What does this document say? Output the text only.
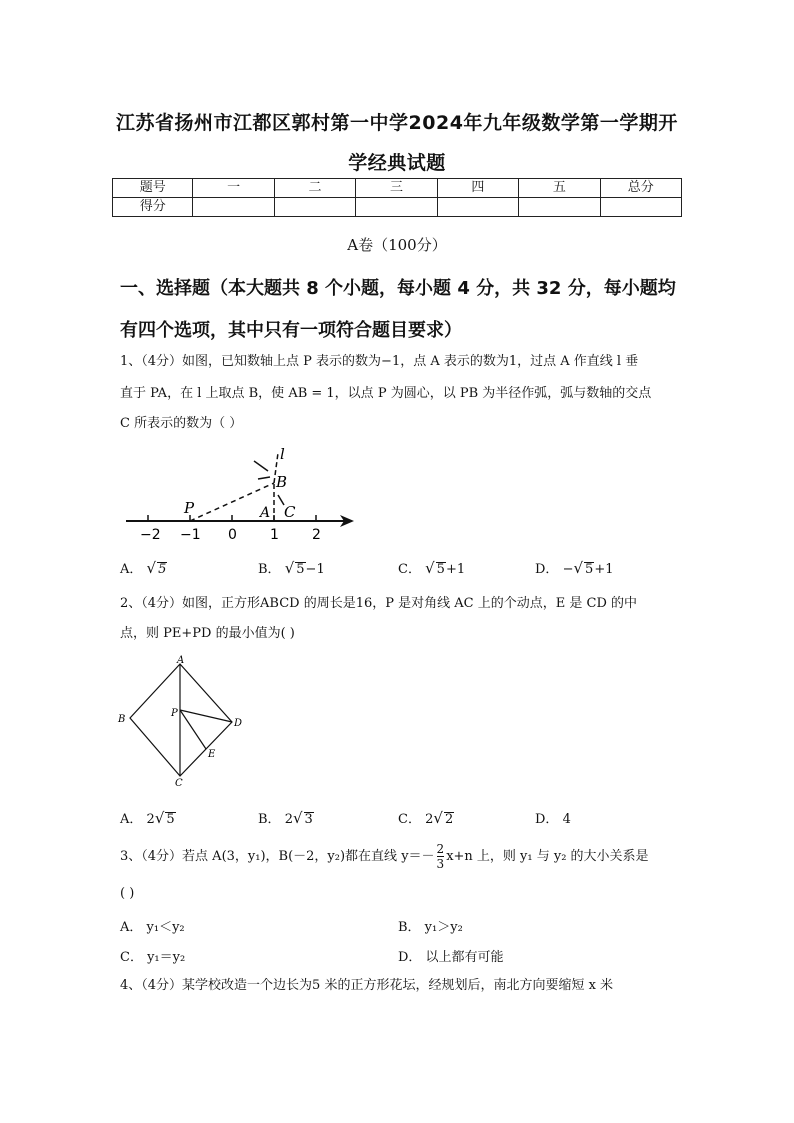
江苏省扬州市江都区郭村第一中学2024年九年级数学第一学期开
学经典试题
题号	一	二	三	四	五	总分
得分						
A卷（100分）
一、选择题（本大题共 8 个小题，每小题 4 分，共 32 分，每小题均
有四个选项，其中只有一项符合题目要求）
1、（4分）如图，已知数轴上点 P 表示的数为−1，点 A 表示的数为1，过点 A 作直线 l 垂
直于 PA，在 l 上取点 B，使 AB = 1，以点 P 为圆心，以 PB 为半径作弧，弧与数轴的交点
C 所表示的数为（ ）
−2 −1 0 1 2
P	A
B
C
l
A． √ 5	B． √ 5−1	C． √ 5+1	D． −√ 5+1
2、（4分）如图，正方形ABCD 的周长是16，P 是对角线 AC 上的个动点，E 是 CD 的中
点，则 PE+PD 的最小值为( )
A
B
C
D
P
E
A． 2√ 5	B． 2√ 3	C． 2√ 2	D． 4
3、（4分）若点 A(3，y₁)，B(－2，y₂)都在直线 $y=- \frac{2}{3} x+n$ 上，则 y₁ 与 y₂ 的大小关系是
( )
A． y₁＜y₂	B． y₁＞y₂
C． y₁＝y₂	D． 以上都有可能
4、（4分）某学校改造一个边长为5 米的正方形花坛，经规划后，南北方向要缩短 x 米
